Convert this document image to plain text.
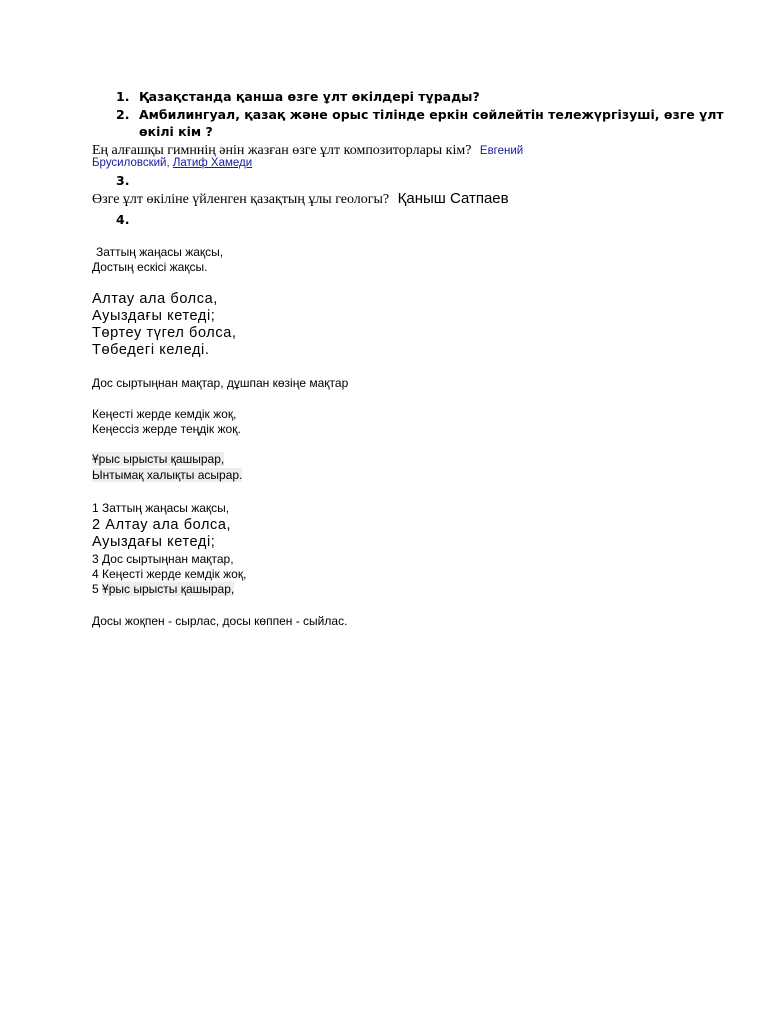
1. Қазақстанда қанша өзге ұлт өкілдері тұрады?
2. Амбилингуал, қазақ және орыс тілінде еркін сөйлейтін тележүргізуші, өзге ұлт
өкілі кім ?
Ең алғашқы гимннің әнін жазған өзге ұлт композиторлары кім? Евгений
Брусиловский, Латиф Хамеди
3.
Өзге ұлт өкіліне үйленген қазақтың ұлы геологы? Қаныш Сатпаев
4.
Заттың жаңасы жақсы,
Достың ескісі жақсы.
Алтау ала болса,
Ауыздағы кетеді;
Төртеу түгел болса,
Төбедегі келеді.
Дос сыртыңнан мақтар, дұшпан көзіңе мақтар
Кеңесті жерде кемдік жоқ,
Кеңессіз жерде теңдік жоқ.
Ұрыс ырысты қашырар,
Ынтымақ халықты асырар.
1 Заттың жаңасы жақсы,
2 Алтау ала болса,
Ауыздағы кетеді;
3 Дос сыртыңнан мақтар,
4 Кеңесті жерде кемдік жоқ,
5 Ұрыс ырысты қашырар,
Досы жоқпен - сырлас, досы көппен - сыйлас.
